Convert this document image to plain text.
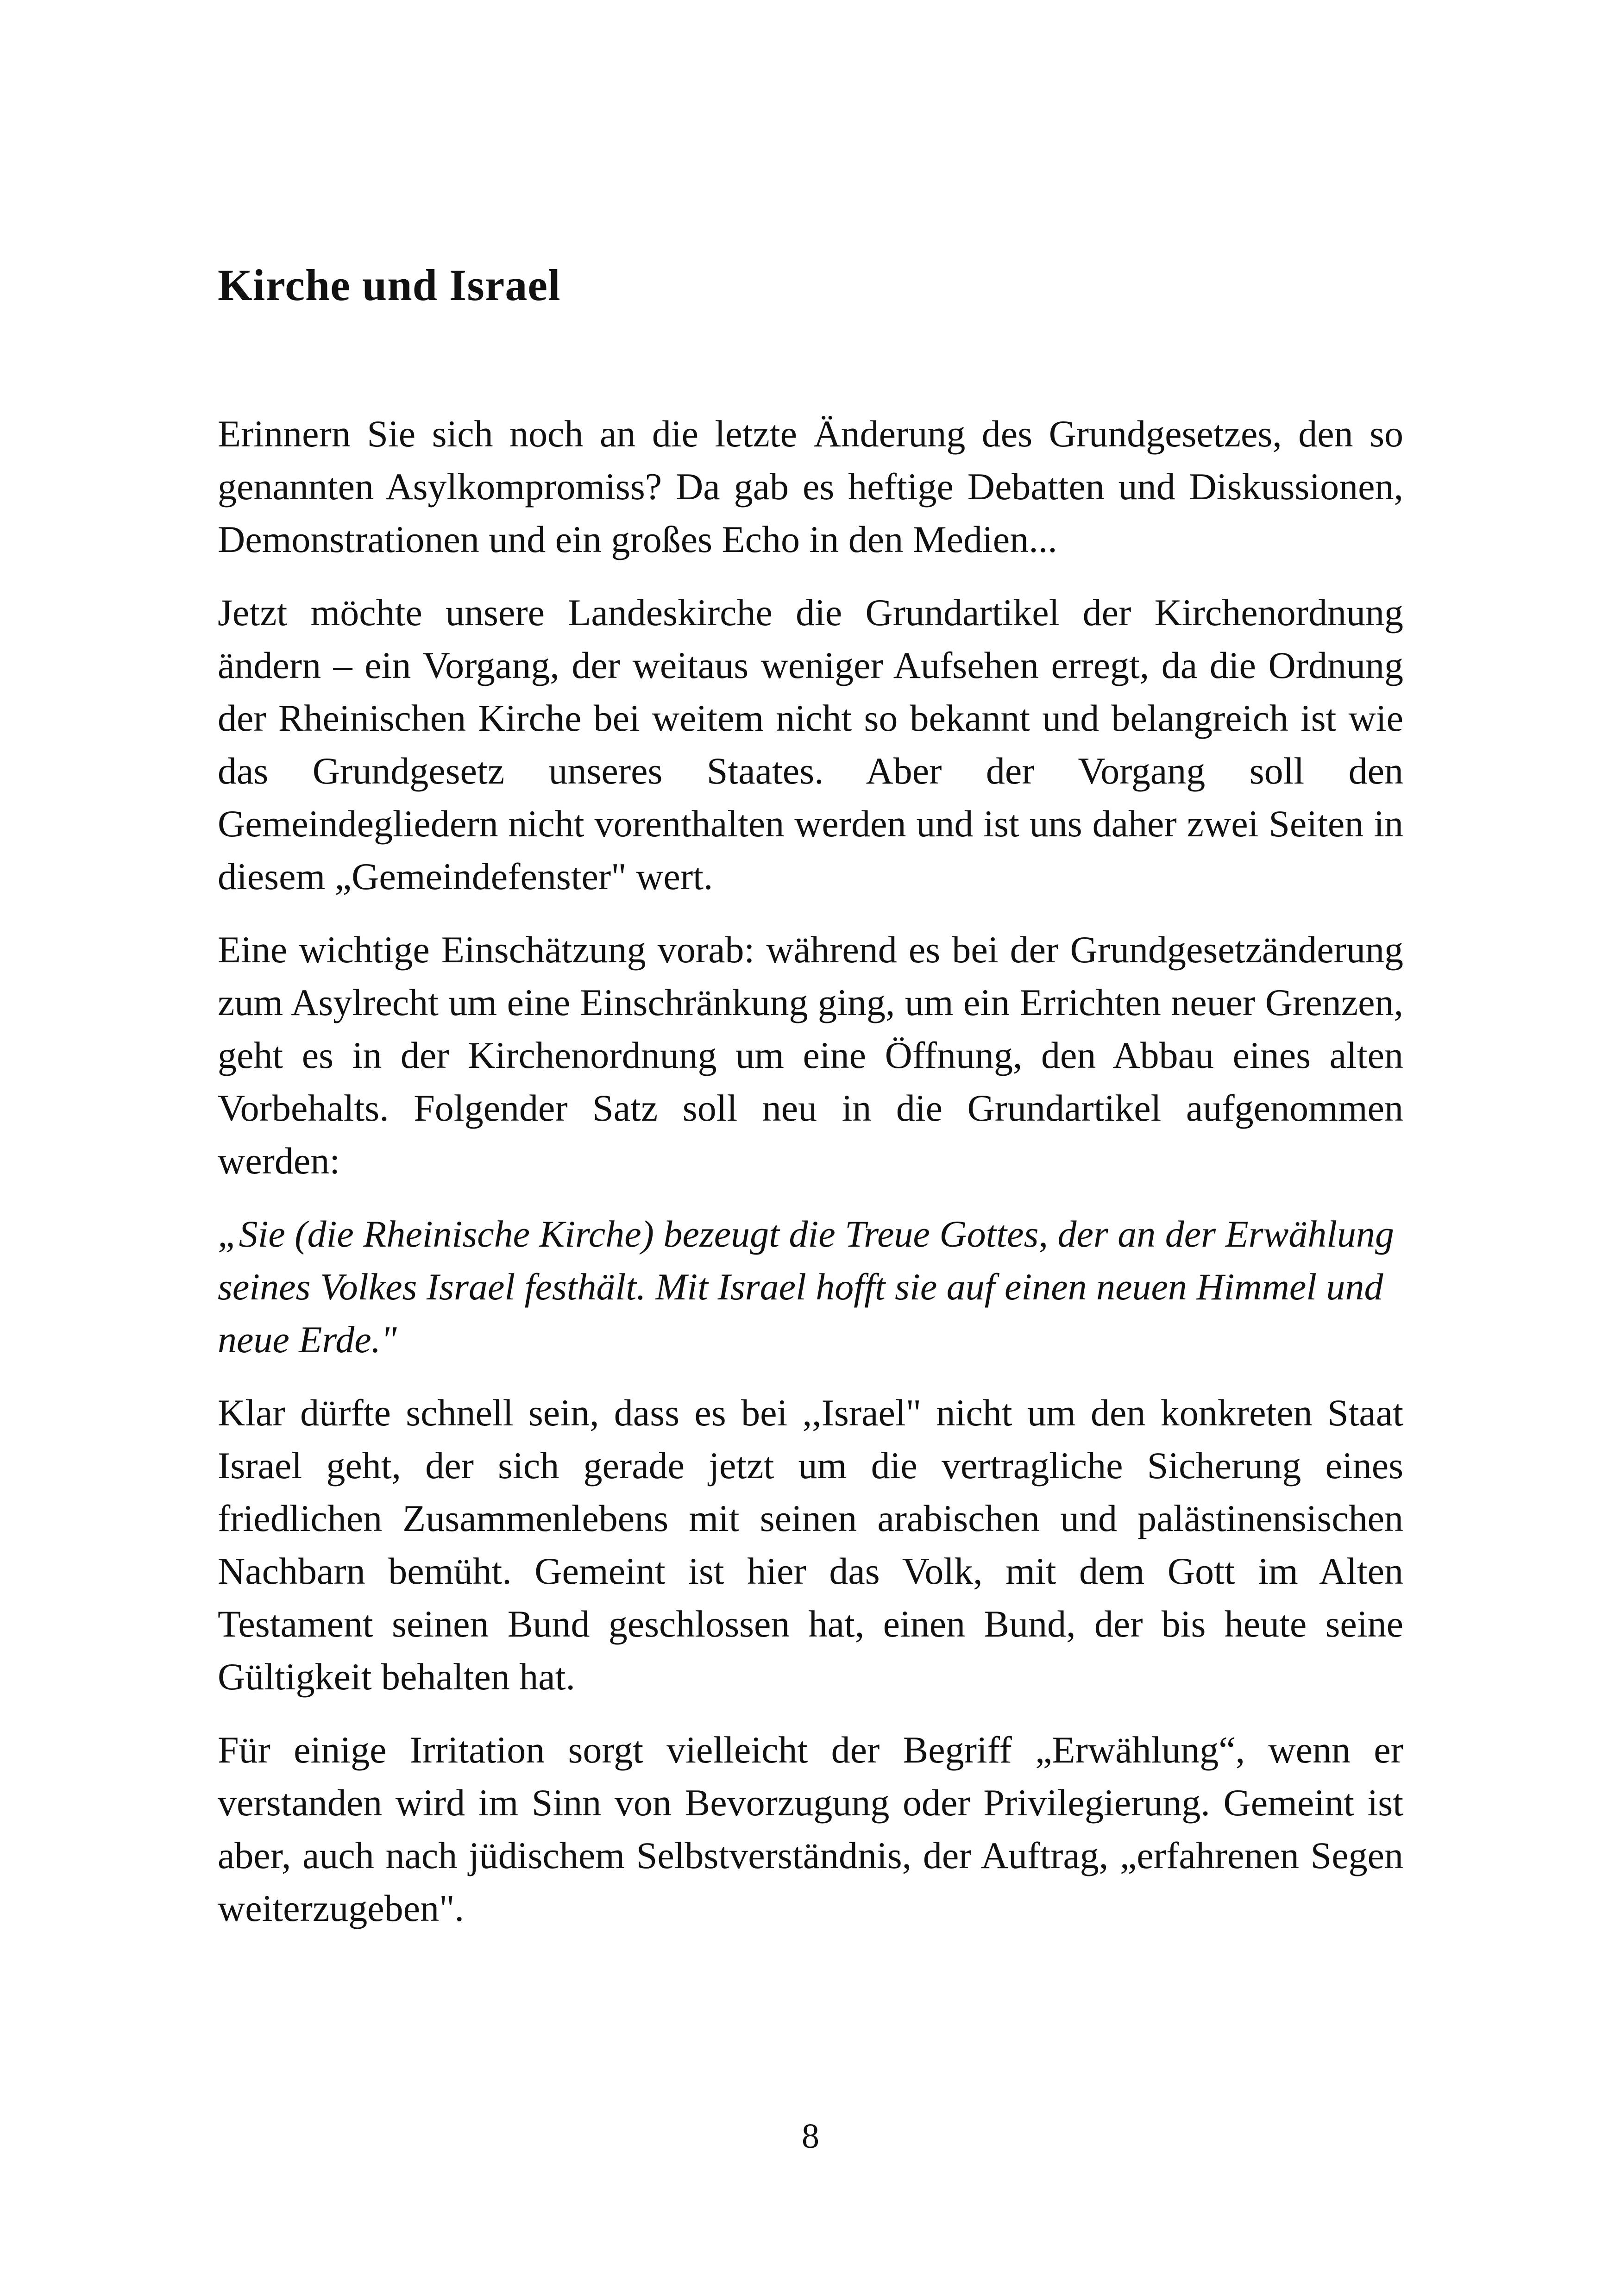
Kirche und Israel

Erinnern Sie sich noch an die letzte Änderung des Grundgesetzes, den so genannten Asylkompromiss? Da gab es heftige Debatten und Diskussionen, Demonstrationen und ein großes Echo in den Medien...

Jetzt möchte unsere Landeskirche die Grundartikel der Kirchenordnung ändern – ein Vorgang, der weitaus weniger Aufsehen erregt, da die Ordnung der Rheinischen Kirche bei weitem nicht so bekannt und belangreich ist wie das Grundgesetz unseres Staates. Aber der Vorgang soll den Gemeindegliedern nicht vorenthalten werden und ist uns daher zwei Seiten in diesem „Gemeindefenster" wert.

Eine wichtige Einschätzung vorab: während es bei der Grundgesetzänderung zum Asylrecht um eine Einschränkung ging, um ein Errichten neuer Grenzen, geht es in der Kirchenordnung um eine Öffnung, den Abbau eines alten Vorbehalts. Folgender Satz soll neu in die Grundartikel aufgenommen werden:

„Sie (die Rheinische Kirche) bezeugt die Treue Gottes, der an der Erwählung seines Volkes Israel festhält. Mit Israel hofft sie auf einen neuen Himmel und neue Erde."

Klar dürfte schnell sein, dass es bei ,,Israel" nicht um den konkreten Staat Israel geht, der sich gerade jetzt um die vertragliche Sicherung eines friedlichen Zusammenlebens mit seinen arabischen und palästinensischen Nachbarn bemüht. Gemeint ist hier das Volk, mit dem Gott im Alten Testament seinen Bund geschlossen hat, einen Bund, der bis heute seine Gültigkeit behalten hat.

Für einige Irritation sorgt vielleicht der Begriff „Erwählung“, wenn er verstanden wird im Sinn von Bevorzugung oder Privilegierung. Gemeint ist aber, auch nach jüdischem Selbstverständnis, der Auftrag, „erfahrenen Segen weiterzugeben".

8
